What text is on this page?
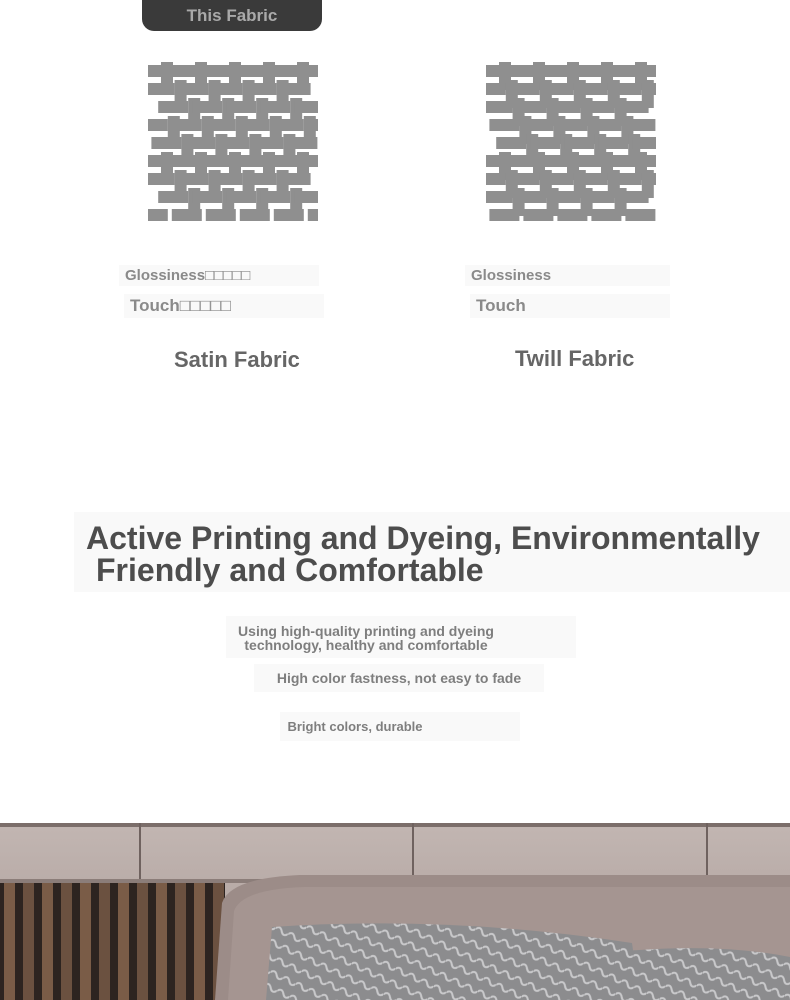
This Fabric
Glossiness□□□□□
Touch□□□□□
Glossiness
Touch
Satin Fabric	Twill Fabric
Active Printing and Dyeing, Environmentally
Friendly and Comfortable
Using high-quality printing and dyeing
technology, healthy and comfortable
High color fastness, not easy to fade
Bright colors, durable
